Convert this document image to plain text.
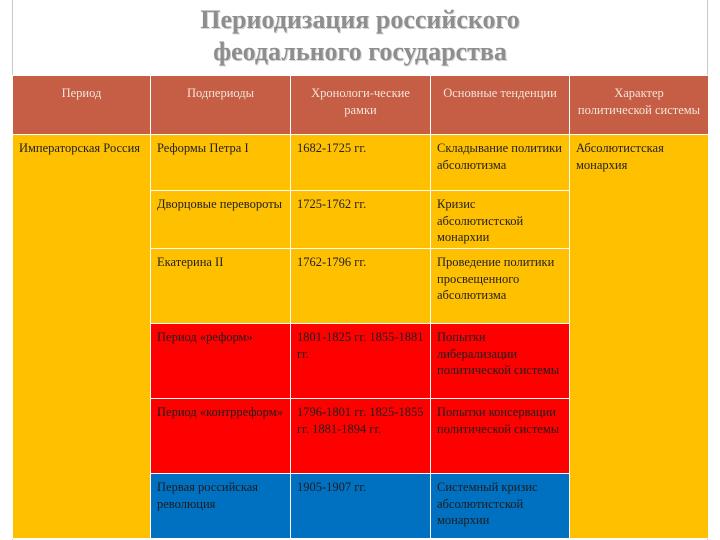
Периодизация российского
феодального государства
Период	Подпериоды	Хронологи-ческие рамки	Основные тенденции	Характер политической системы

Императорская Россия	Реформы Петра I	1682-1725 гг.	Складывание политики абсолютизма	Абсолютистская монархия

	Дворцовые перевороты	1725-1762 гг.	Кризис абсолютистской монархии	

	Екатерина II	1762-1796 гг.	Проведение политики просвещенного абсолютизма	

	Период «реформ»	1801-1825 гг. 1855-1881 гг.	Попытки либерализации политической системы	

	Период «контрреформ»	1796-1801 гг. 1825-1855 гг. 1881-1894 гг.	Попытки консервации политической системы	

	Первая российская революция	1905-1907 гг.	Системный кризис абсолютистской монархии	
